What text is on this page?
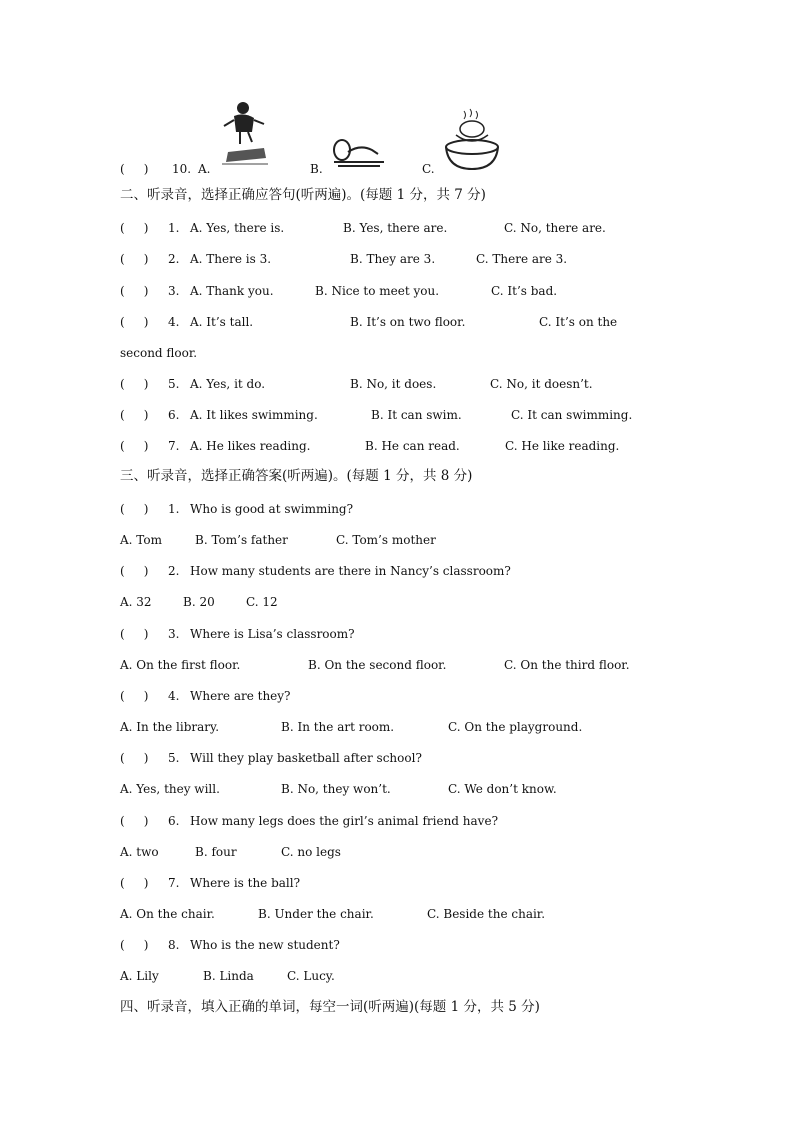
(     )

10.

A.

	B.

	C.

二、听录音，选择正确应答句(听两遍)。(每题 1 分，共 7 分)
(     ) 1. A. Yes, there is.	B. Yes, there are.	C. No, there are.
(     ) 2. A. There is 3.	B. They are 3.	C. There are 3.
(     ) 3. A. Thank you.	B. Nice to meet you.	C. It’s bad.
(     ) 4. A. It’s tall.	B. It’s on two floor.	C. It’s on the
second floor.
(     ) 5. A. Yes, it do.	B. No, it does.	C. No, it doesn’t.
(     ) 6. A. It likes swimming.	B. It can swim.	C. It can swimming.
(     ) 7. A. He likes reading.	B. He can read.	C. He like reading.
三、听录音，选择正确答案(听两遍)。(每题 1 分，共 8 分)
(     ) 1. Who is good at swimming?
A. Tom	B. Tom’s father	C. Tom’s mother
(     ) 2. How many students are there in Nancy’s classroom?
A. 32	B. 20	C. 12
(     ) 3. Where is Lisa’s classroom?
A. On the first floor.	B. On the second floor.	C. On the third floor.
(     ) 4. Where are they?
A. In the library.	B. In the art room.	C. On the playground.
(     ) 5. Will they play basketball after school?
A. Yes, they will.	B. No, they won’t.	C. We don’t know.
(     ) 6. How many legs does the girl’s animal friend have?
A. two	B. four	C. no legs
(     ) 7. Where is the ball?
A. On the chair.	B. Under the chair.	C. Beside the chair.
(     ) 8. Who is the new student?
A. Lily	B. Linda	C. Lucy.
四、听录音，填入正确的单词，每空一词(听两遍)(每题 1 分，共 5 分)
